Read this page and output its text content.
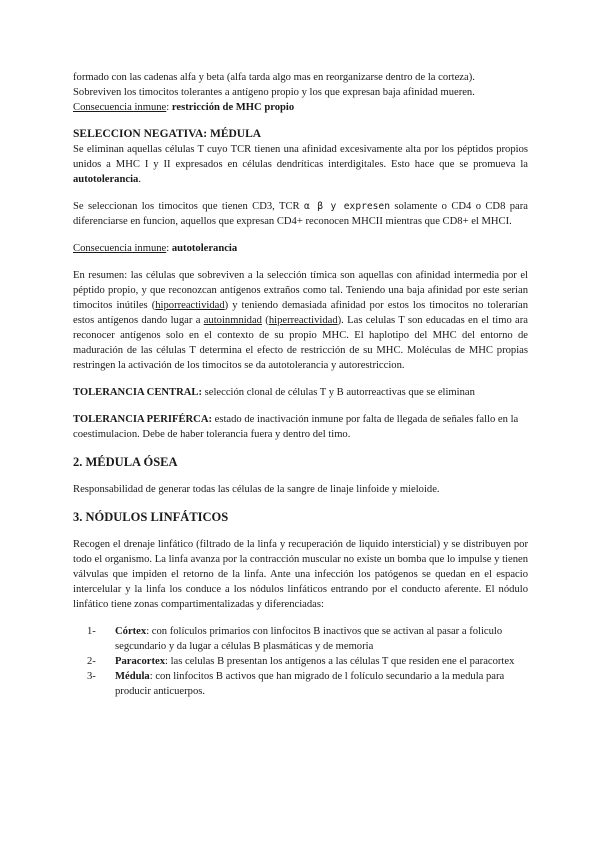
formado con las cadenas alfa y beta (alfa tarda algo mas en reorganizarse dentro de la corteza).

Sobreviven los timocitos tolerantes a antígeno propio y los que expresan baja afinidad mueren.

Consecuencia inmune: restricción de MHC propio

SELECCION NEGATIVA: MÉDULA

Se eliminan aquellas células T cuyo TCR tienen una afinidad excesivamente alta por los péptidos propios unidos a MHC I y II expresados en células dendríticas interdigitales. Esto hace que se promueva la autotolerancia.

Se seleccionan los timocitos que tienen CD3, TCR α β y expresen solamente o CD4 o CD8 para diferenciarse en funcion, aquellos que expresan CD4+ reconocen MHCII mientras que CD8+ el MHCI.

Consecuencia inmune: autotolerancia

En resumen: las células que sobreviven a la selección tímica son aquellas con afinidad intermedia por el péptido propio, y que reconozcan antígenos extraños como tal. Teniendo una baja afinidad por este serian timocitos inútiles (hiporreactividad) y teniendo demasiada afinidad por estos los timocitos no tolerarían estos antígenos dando lugar a autoinmnidad (hiperreactividad). Las celulas T son educadas en el timo ara reconocer antígenos solo en el contexto de su propio MHC. El haplotipo del MHC del entorno de maduración de las células T determina el efecto de restricción de su MHC. Moléculas de MHC propias restringen la activación de los timocitos se da autotolerancia y autorestriccion.

TOLERANCIA CENTRAL: selección clonal de células T y B autorreactivas que se eliminan

TOLERANCIA PERIFÉRCA: estado de inactivación inmune por falta de llegada de señales fallo en la coestimulacion. Debe de haber tolerancia fuera y dentro del timo.

2. MÉDULA ÓSEA

Responsabilidad de generar todas las células de la sangre de linaje linfoide y mieloide.

3. NÓDULOS LINFÁTICOS

Recogen el drenaje linfático (filtrado de la linfa y recuperación de liquido intersticial) y se distribuyen por todo el organismo. La linfa avanza por la contracción muscular no existe un bomba que lo impulse y tienen válvulas que impiden el retorno de la linfa. Ante una infección los patógenos se quedan en el espacio intercelular y la linfa los conduce a los nódulos linfáticos entrando por el conducto aferente. El nódulo linfático tiene zonas compartimentalizadas y diferenciadas:

1- Córtex: con folículos primarios con linfocitos B inactivos que se activan al pasar a foliculo segcundario y da lugar a células B plasmáticas y de memoria
2- Paracortex: las celulas B presentan los antígenos a las células T que residen ene el paracortex
3- Médula: con linfocitos B activos que han migrado de l folículo secundario a la medula para producir anticuerpos.
